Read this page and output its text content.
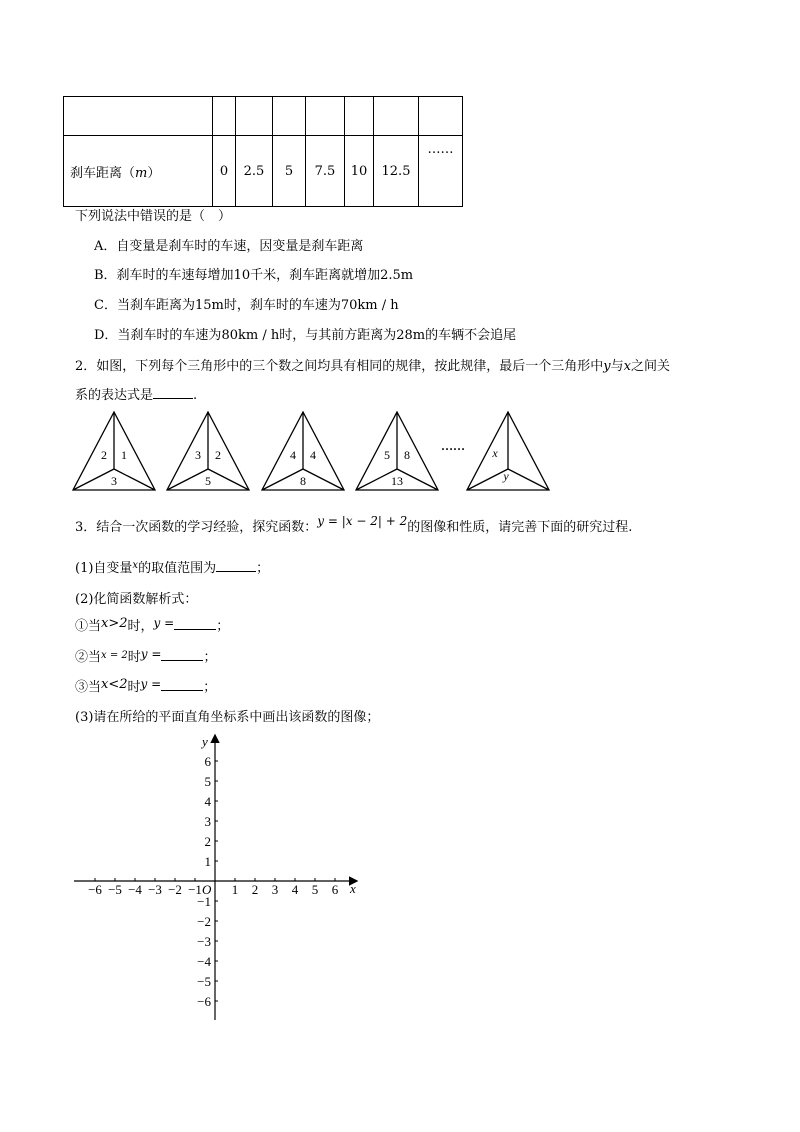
刹车距离（m）	0	2.5	5	7.5	10	12.5	……
下列说法中错误的是（　）
A．自变量是刹车时的车速，因变量是刹车距离
B．刹车时的车速每增加10千米，刹车距离就增加2.5m
C．当刹车距离为15m时，刹车时的车速为70km / h
D．当刹车时的车速为80km / h时，与其前方距离为28m的车辆不会追尾
2．如图，下列每个三角形中的三个数之间均具有相同的规律，按此规律，最后一个三角形中y与x之间关
系的表达式是	.
2 1
3
3 2
5
4 4
8
5 8
13
x
y
……
3．结合一次函数的学习经验，探究函数：y = |x − 2| + 2的图像和性质，请完善下面的研究过程.
(1)自变量$^x$的取值范围为	；
(2)化简函数解析式：
①当x>2时，y =	；
②当$^{x = 2}$时y =	；
③当x<2时y =	；
(3)请在所给的平面直角坐标系中画出该函数的图像；
−6 −5 −4 −3 −2 −1 1 2 3 4 5 6
6
5
4
3
2
1
−1
−2
−3
−4
−5
−6
x
y
O
